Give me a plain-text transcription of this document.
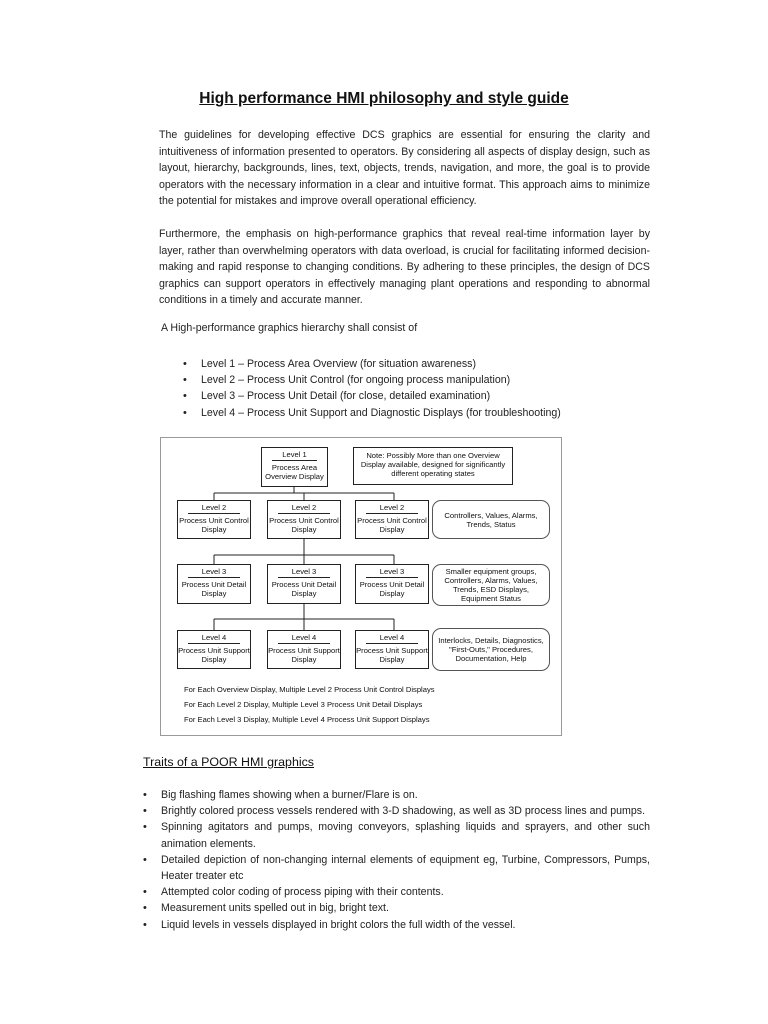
High performance HMI philosophy and style guide
The guidelines for developing effective DCS graphics are essential for ensuring the clarity and intuitiveness of information presented to operators. By considering all aspects of display design, such as layout, hierarchy, backgrounds, lines, text, objects, trends, navigation, and more, the goal is to provide operators with the necessary information in a clear and intuitive format. This approach aims to minimize the potential for mistakes and improve overall operational efficiency.
Furthermore, the emphasis on high-performance graphics that reveal real-time information layer by layer, rather than overwhelming operators with data overload, is crucial for facilitating informed decision-making and rapid response to changing conditions. By adhering to these principles, the design of DCS graphics can support operators in effectively managing plant operations and responding to abnormal conditions in a timely and accurate manner.
A High-performance graphics hierarchy shall consist of
• Level 1 – Process Area Overview (for situation awareness)
• Level 2 – Process Unit Control (for ongoing process manipulation)
• Level 3 – Process Unit Detail (for close, detailed examination)
• Level 4 – Process Unit Support and Diagnostic Displays (for troubleshooting)
Level 1
Process Area Overview Display
Note: Possibly More than one Overview Display available, designed for significantly different operating states
Level 2
Process Unit Control Display
Level 2
Process Unit Control Display
Level 2
Process Unit Control Display
Controllers, Values, Alarms, Trends, Status
Level 3
Process Unit Detail Display
Level 3
Process Unit Detail Display
Level 3
Process Unit Detail Display
Smaller equipment groups, Controllers, Alarms, Values, Trends, ESD Displays, Equipment Status
Level 4
Process Unit Support Display
Level 4
Process Unit Support Display
Level 4
Process Unit Support Display
Interlocks, Details, Diagnostics, "First-Outs," Procedures, Documentation, Help
For Each Overview Display, Multiple Level 2 Process Unit Control Displays
For Each Level 2 Display, Multiple Level 3 Process Unit Detail Displays
For Each Level 3 Display, Multiple Level 4 Process Unit Support Displays
Traits of a POOR HMI graphics
• Big flashing flames showing when a burner/Flare is on.
• Brightly colored process vessels rendered with 3-D shadowing, as well as 3D process lines and pumps.
• Spinning agitators and pumps, moving conveyors, splashing liquids and sprayers, and other such animation elements.
• Detailed depiction of non-changing internal elements of equipment eg, Turbine, Compressors, Pumps, Heater treater etc
• Attempted color coding of process piping with their contents.
• Measurement units spelled out in big, bright text.
• Liquid levels in vessels displayed in bright colors the full width of the vessel.
